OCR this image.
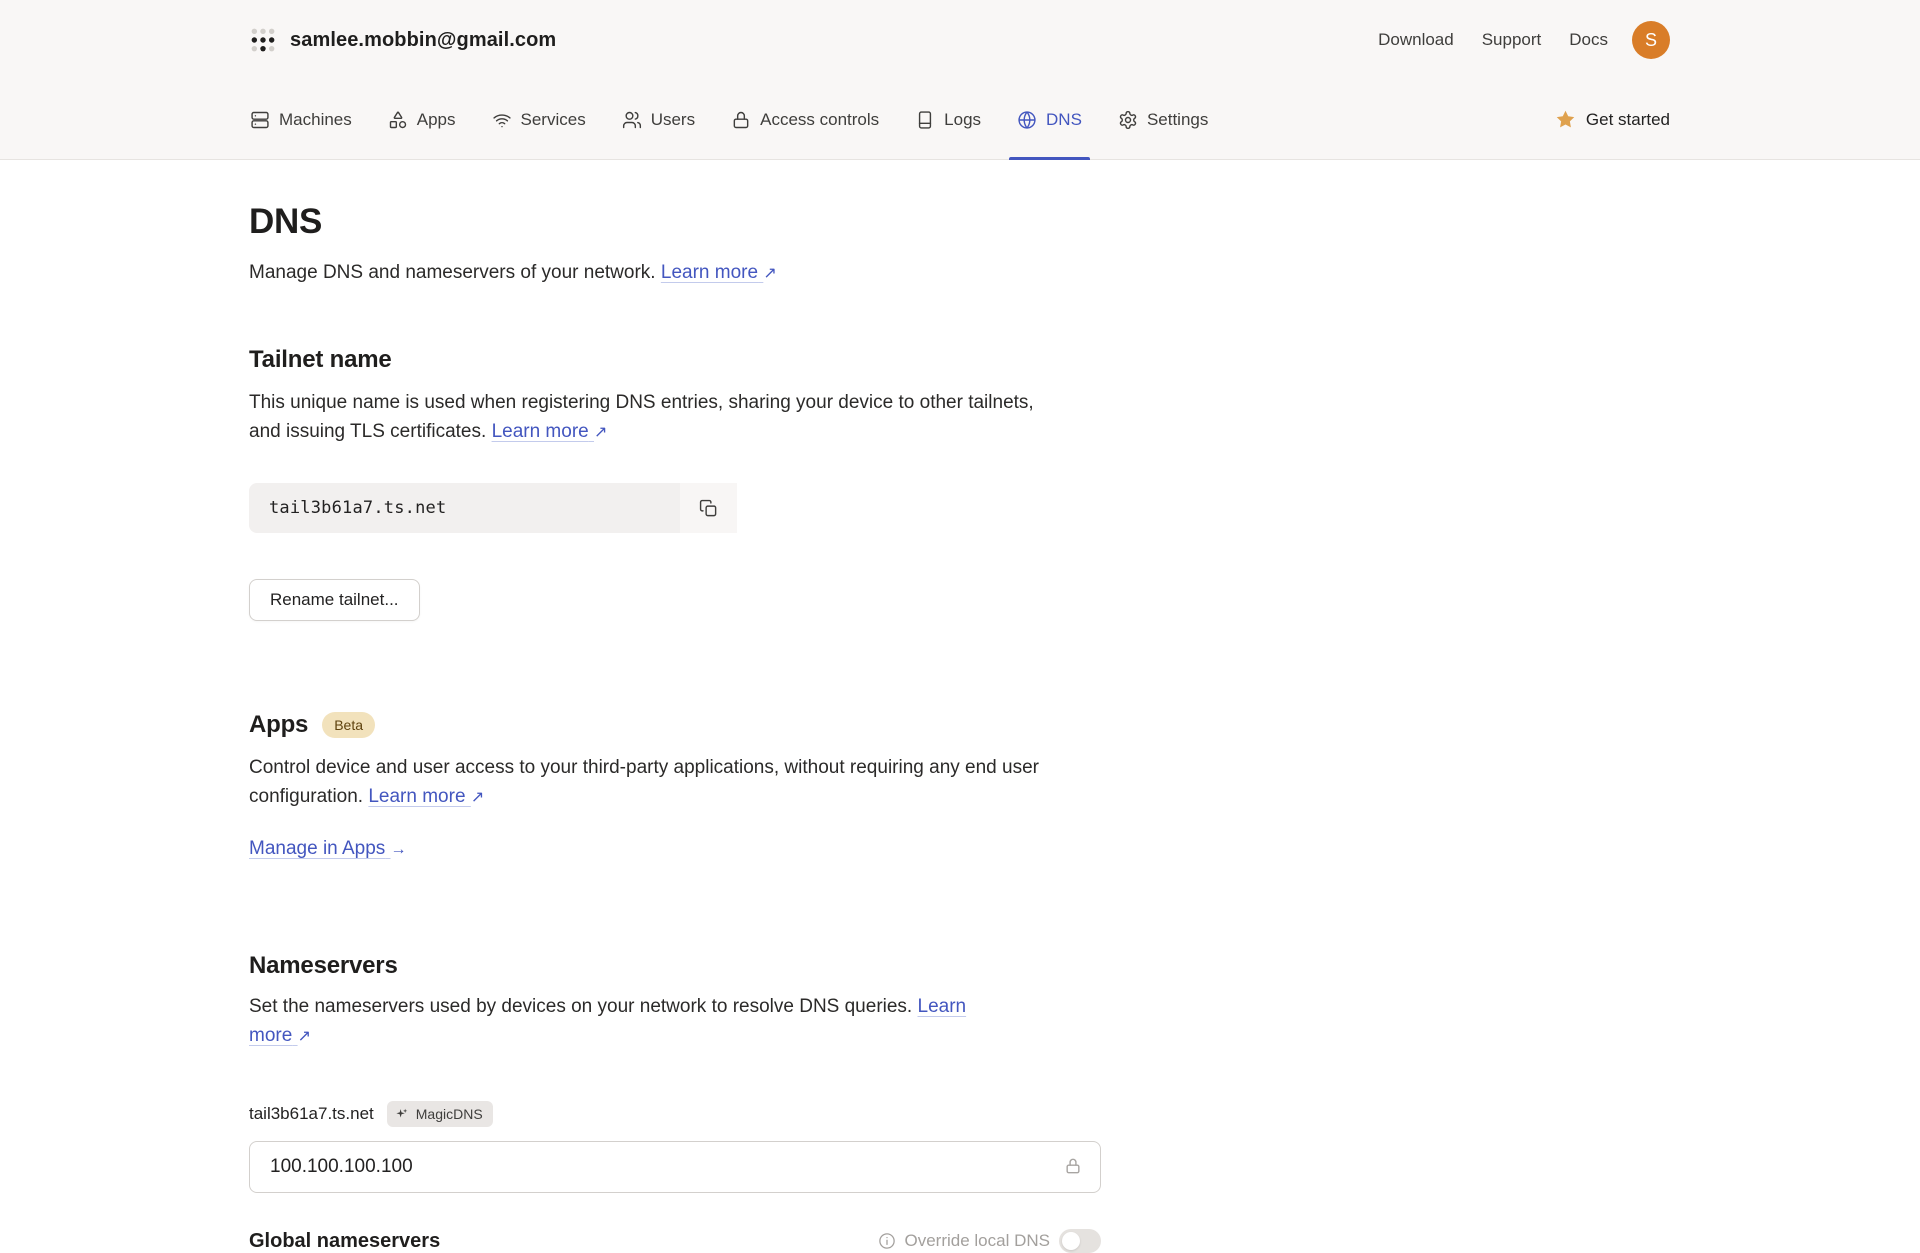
samlee.mobbin@gmail.com	Download Support Docs S
Machines	Apps	Services	Users	Access controls	Logs	DNS	Settings	Get started
DNS

Manage DNS and nameservers of your network. Learn more ↗

Tailnet name

This unique name is used when registering DNS entries, sharing your device to other tailnets, and issuing TLS certificates. Learn more ↗

tail3b61a7.ts.net
Rename tailnet...
Apps	Beta

Control device and user access to your third-party applications, without requiring any end user configuration. Learn more ↗

Manage in Apps →
Nameservers

Set the nameservers used by devices on your network to resolve DNS queries. Learn more ↗

tail3b61a7.ts.net	MagicDNS
100.100.100.100
Global nameservers	Override local DNS
